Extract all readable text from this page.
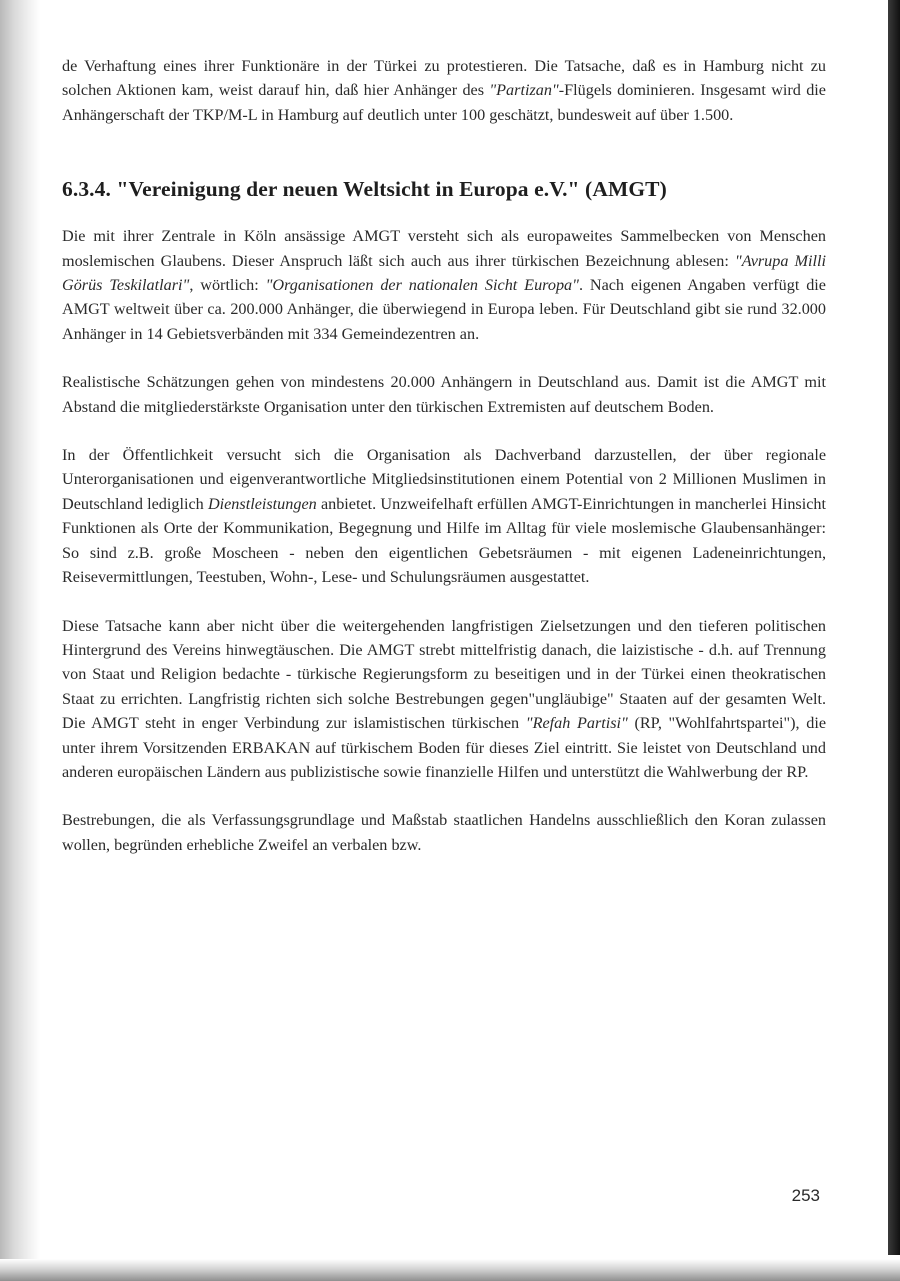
de Verhaftung eines ihrer Funktionäre in der Türkei zu protestieren. Die Tatsache, daß es in Hamburg nicht zu solchen Aktionen kam, weist darauf hin, daß hier Anhänger des "Partizan"-Flügels dominieren. Insgesamt wird die Anhängerschaft der TKP/M-L in Hamburg auf deutlich unter 100 geschätzt, bundesweit auf über 1.500.

6.3.4. "Vereinigung der neuen Weltsicht in Europa e.V." (AMGT)

Die mit ihrer Zentrale in Köln ansässige AMGT versteht sich als europaweites Sammelbecken von Menschen moslemischen Glaubens. Dieser Anspruch läßt sich auch aus ihrer türkischen Bezeichnung ablesen: "Avrupa Milli Görüs Teskilatlari", wörtlich: "Organisationen der nationalen Sicht Europa". Nach eigenen Angaben verfügt die AMGT weltweit über ca. 200.000 Anhänger, die überwiegend in Europa leben. Für Deutschland gibt sie rund 32.000 Anhänger in 14 Gebietsverbänden mit 334 Gemeindezentren an.

Realistische Schätzungen gehen von mindestens 20.000 Anhängern in Deutschland aus. Damit ist die AMGT mit Abstand die mitgliederstärkste Organisation unter den türkischen Extremisten auf deutschem Boden.

In der Öffentlichkeit versucht sich die Organisation als Dachverband darzustellen, der über regionale Unterorganisationen und eigenverantwortliche Mitgliedsinstitutionen einem Potential von 2 Millionen Muslimen in Deutschland lediglich Dienstleistungen anbietet. Unzweifelhaft erfüllen AMGT-Einrichtungen in mancherlei Hinsicht Funktionen als Orte der Kommunikation, Begegnung und Hilfe im Alltag für viele moslemische Glaubensanhänger: So sind z.B. große Moscheen - neben den eigentlichen Gebetsräumen - mit eigenen Ladeneinrichtungen, Reisevermittlungen, Teestuben, Wohn-, Lese- und Schulungsräumen ausgestattet.

Diese Tatsache kann aber nicht über die weitergehenden langfristigen Zielsetzungen und den tieferen politischen Hintergrund des Vereins hinwegtäuschen. Die AMGT strebt mittelfristig danach, die laizistische - d.h. auf Trennung von Staat und Religion bedachte - türkische Regierungsform zu beseitigen und in der Türkei einen theokratischen Staat zu errichten. Langfristig richten sich solche Bestrebungen gegen"ungläubige" Staaten auf der gesamten Welt. Die AMGT steht in enger Verbindung zur islamistischen türkischen "Refah Partisi" (RP, "Wohlfahrtspartei"), die unter ihrem Vorsitzenden ERBAKAN auf türkischem Boden für dieses Ziel eintritt. Sie leistet von Deutschland und anderen europäischen Ländern aus publizistische sowie finanzielle Hilfen und unterstützt die Wahlwerbung der RP.

Bestrebungen, die als Verfassungsgrundlage und Maßstab staatlichen Handelns ausschließlich den Koran zulassen wollen, begründen erhebliche Zweifel an verbalen bzw.

253
